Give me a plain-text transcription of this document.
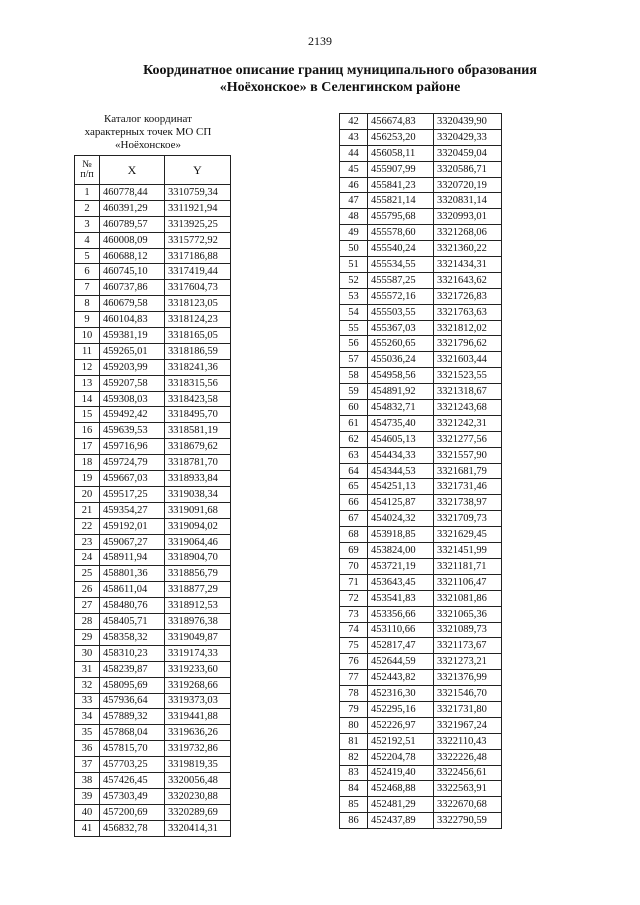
2139
Координатное описание границ муниципального образования
«Ноёхонское» в Селенгинском районе
Каталог координат
характерных точек МО СП
«Ноёхонское»
№
п/п	X	Y
1	460778,44	3310759,34
2	460391,29	3311921,94
3	460789,57	3313925,25
4	460008,09	3315772,92
5	460688,12	3317186,88
6	460745,10	3317419,44
7	460737,86	3317604,73
8	460679,58	3318123,05
9	460104,83	3318124,23
10	459381,19	3318165,05
11	459265,01	3318186,59
12	459203,99	3318241,36
13	459207,58	3318315,56
14	459308,03	3318423,58
15	459492,42	3318495,70
16	459639,53	3318581,19
17	459716,96	3318679,62
18	459724,79	3318781,70
19	459667,03	3318933,84
20	459517,25	3319038,34
21	459354,27	3319091,68
22	459192,01	3319094,02
23	459067,27	3319064,46
24	458911,94	3318904,70
25	458801,36	3318856,79
26	458611,04	3318877,29
27	458480,76	3318912,53
28	458405,71	3318976,38
29	458358,32	3319049,87
30	458310,23	3319174,33
31	458239,87	3319233,60
32	458095,69	3319268,66
33	457936,64	3319373,03
34	457889,32	3319441,88
35	457868,04	3319636,26
36	457815,70	3319732,86
37	457703,25	3319819,35
38	457426,45	3320056,48
39	457303,49	3320230,88
40	457200,69	3320289,69
41	456832,78	3320414,31
42	456674,83	3320439,90
43	456253,20	3320429,33
44	456058,11	3320459,04
45	455907,99	3320586,71
46	455841,23	3320720,19
47	455821,14	3320831,14
48	455795,68	3320993,01
49	455578,60	3321268,06
50	455540,24	3321360,22
51	455534,55	3321434,31
52	455587,25	3321643,62
53	455572,16	3321726,83
54	455503,55	3321763,63
55	455367,03	3321812,02
56	455260,65	3321796,62
57	455036,24	3321603,44
58	454958,56	3321523,55
59	454891,92	3321318,67
60	454832,71	3321243,68
61	454735,40	3321242,31
62	454605,13	3321277,56
63	454434,33	3321557,90
64	454344,53	3321681,79
65	454251,13	3321731,46
66	454125,87	3321738,97
67	454024,32	3321709,73
68	453918,85	3321629,45
69	453824,00	3321451,99
70	453721,19	3321181,71
71	453643,45	3321106,47
72	453541,83	3321081,86
73	453356,66	3321065,36
74	453110,66	3321089,73
75	452817,47	3321173,67
76	452644,59	3321273,21
77	452443,82	3321376,99
78	452316,30	3321546,70
79	452295,16	3321731,80
80	452226,97	3321967,24
81	452192,51	3322110,43
82	452204,78	3322226,48
83	452419,40	3322456,61
84	452468,88	3322563,91
85	452481,29	3322670,68
86	452437,89	3322790,59
